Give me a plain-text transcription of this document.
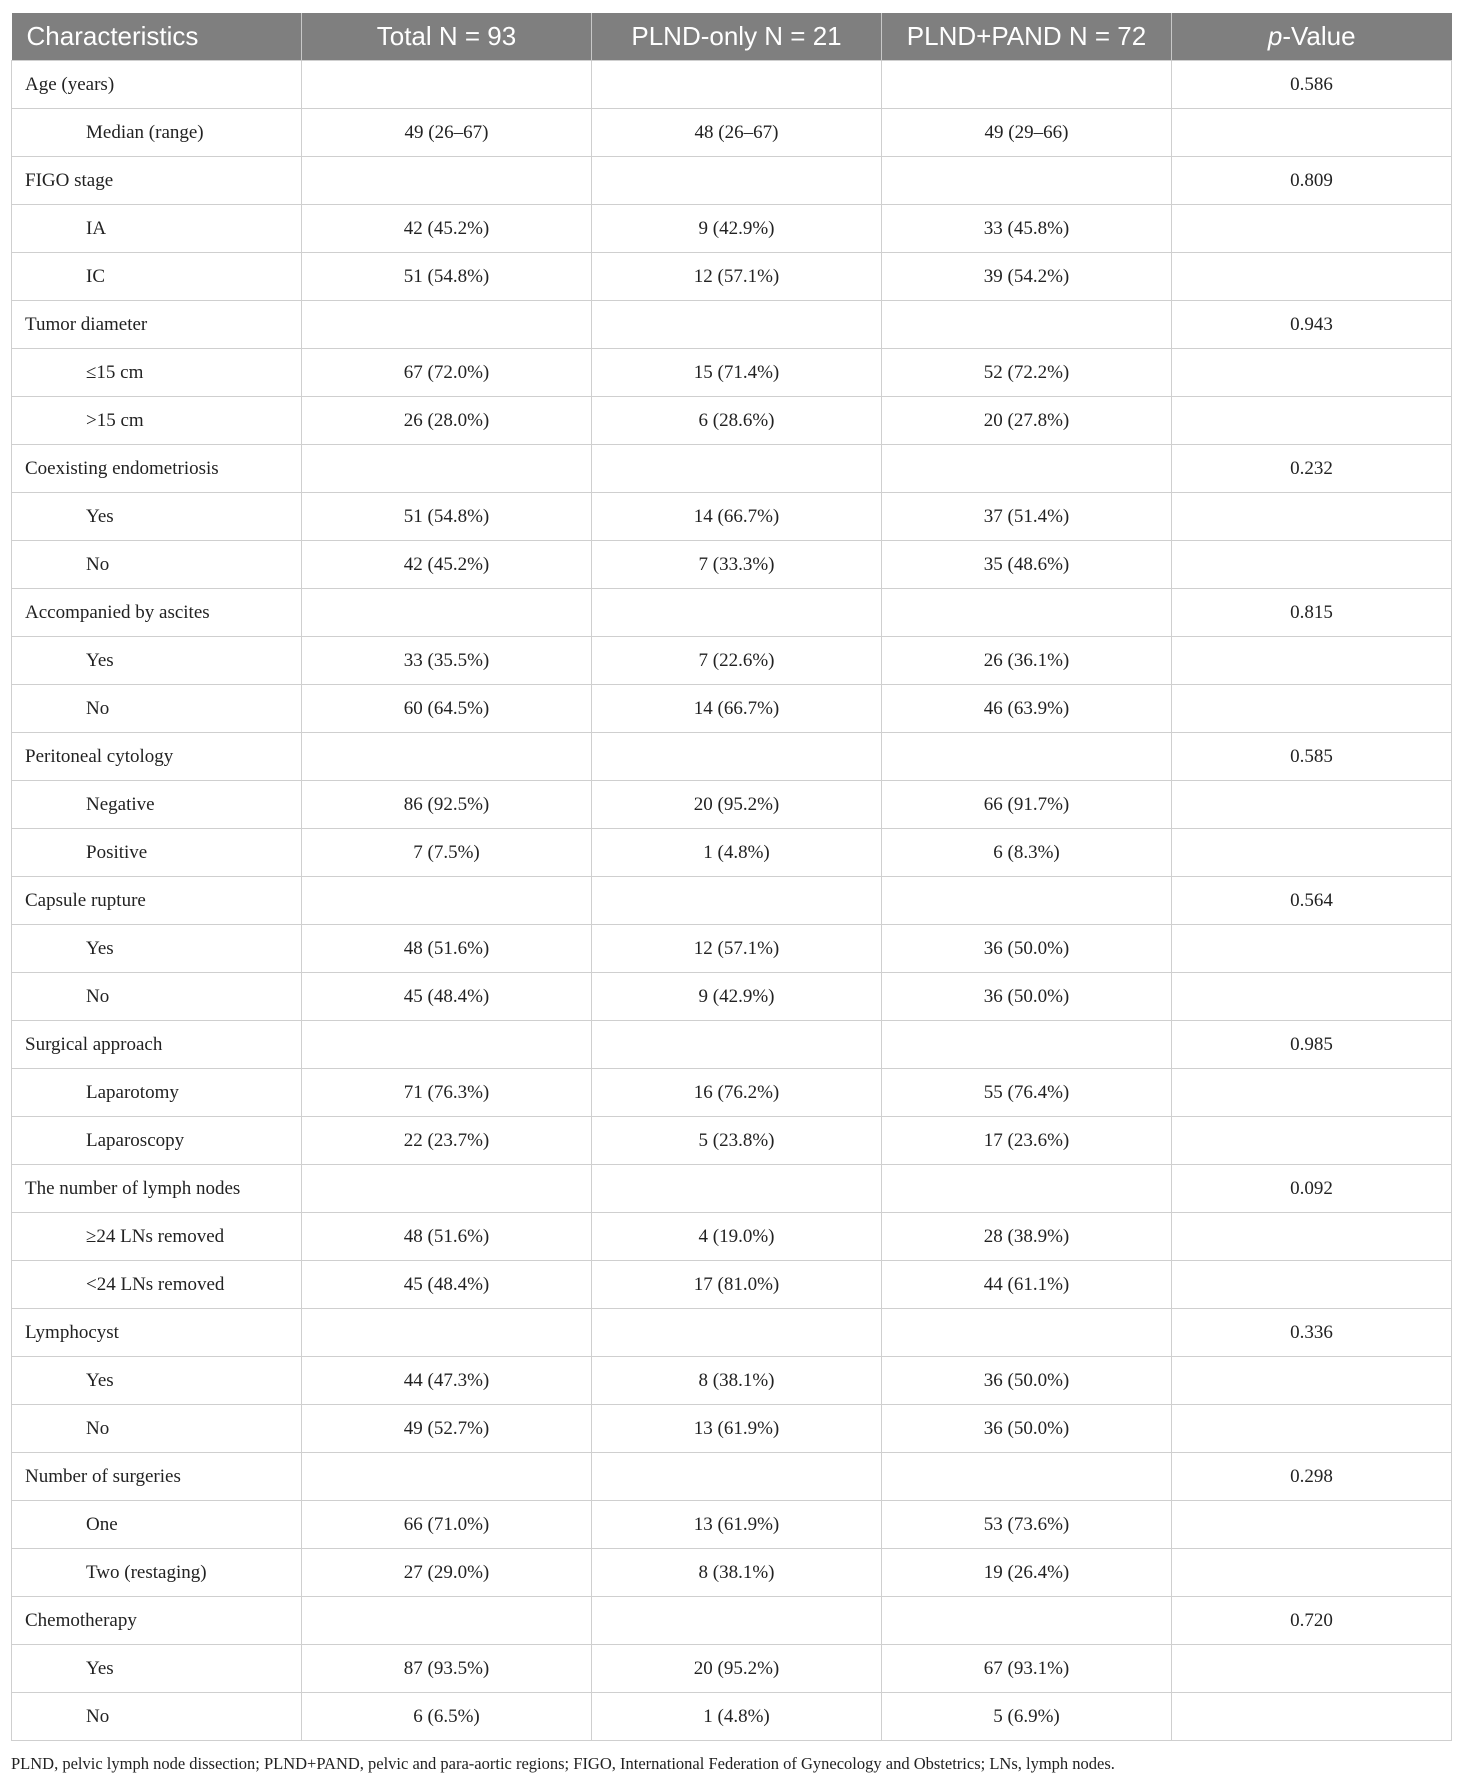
Characteristics	Total N = 93	PLND-only N = 21	PLND+PAND N = 72	p-Value
Age (years)				0.586
Median (range)	49 (26–67)	48 (26–67)	49 (29–66)	
FIGO stage				0.809
IA	42 (45.2%)	9 (42.9%)	33 (45.8%)	
IC	51 (54.8%)	12 (57.1%)	39 (54.2%)	
Tumor diameter				0.943
≤15 cm	67 (72.0%)	15 (71.4%)	52 (72.2%)	
>15 cm	26 (28.0%)	6 (28.6%)	20 (27.8%)	
Coexisting endometriosis				0.232
Yes	51 (54.8%)	14 (66.7%)	37 (51.4%)	
No	42 (45.2%)	7 (33.3%)	35 (48.6%)	
Accompanied by ascites				0.815
Yes	33 (35.5%)	7 (22.6%)	26 (36.1%)	
No	60 (64.5%)	14 (66.7%)	46 (63.9%)	
Peritoneal cytology				0.585
Negative	86 (92.5%)	20 (95.2%)	66 (91.7%)	
Positive	7 (7.5%)	1 (4.8%)	6 (8.3%)	
Capsule rupture				0.564
Yes	48 (51.6%)	12 (57.1%)	36 (50.0%)	
No	45 (48.4%)	9 (42.9%)	36 (50.0%)	
Surgical approach				0.985
Laparotomy	71 (76.3%)	16 (76.2%)	55 (76.4%)	
Laparoscopy	22 (23.7%)	5 (23.8%)	17 (23.6%)	
The number of lymph nodes				0.092
≥24 LNs removed	48 (51.6%)	4 (19.0%)	28 (38.9%)	
<24 LNs removed	45 (48.4%)	17 (81.0%)	44 (61.1%)	
Lymphocyst				0.336
Yes	44 (47.3%)	8 (38.1%)	36 (50.0%)	
No	49 (52.7%)	13 (61.9%)	36 (50.0%)	
Number of surgeries				0.298
One	66 (71.0%)	13 (61.9%)	53 (73.6%)	
Two (restaging)	27 (29.0%)	8 (38.1%)	19 (26.4%)	
Chemotherapy				0.720
Yes	87 (93.5%)	20 (95.2%)	67 (93.1%)	
No	6 (6.5%)	1 (4.8%)	5 (6.9%)	
PLND, pelvic lymph node dissection; PLND+PAND, pelvic and para-aortic regions; FIGO, International Federation of Gynecology and Obstetrics; LNs, lymph nodes.
